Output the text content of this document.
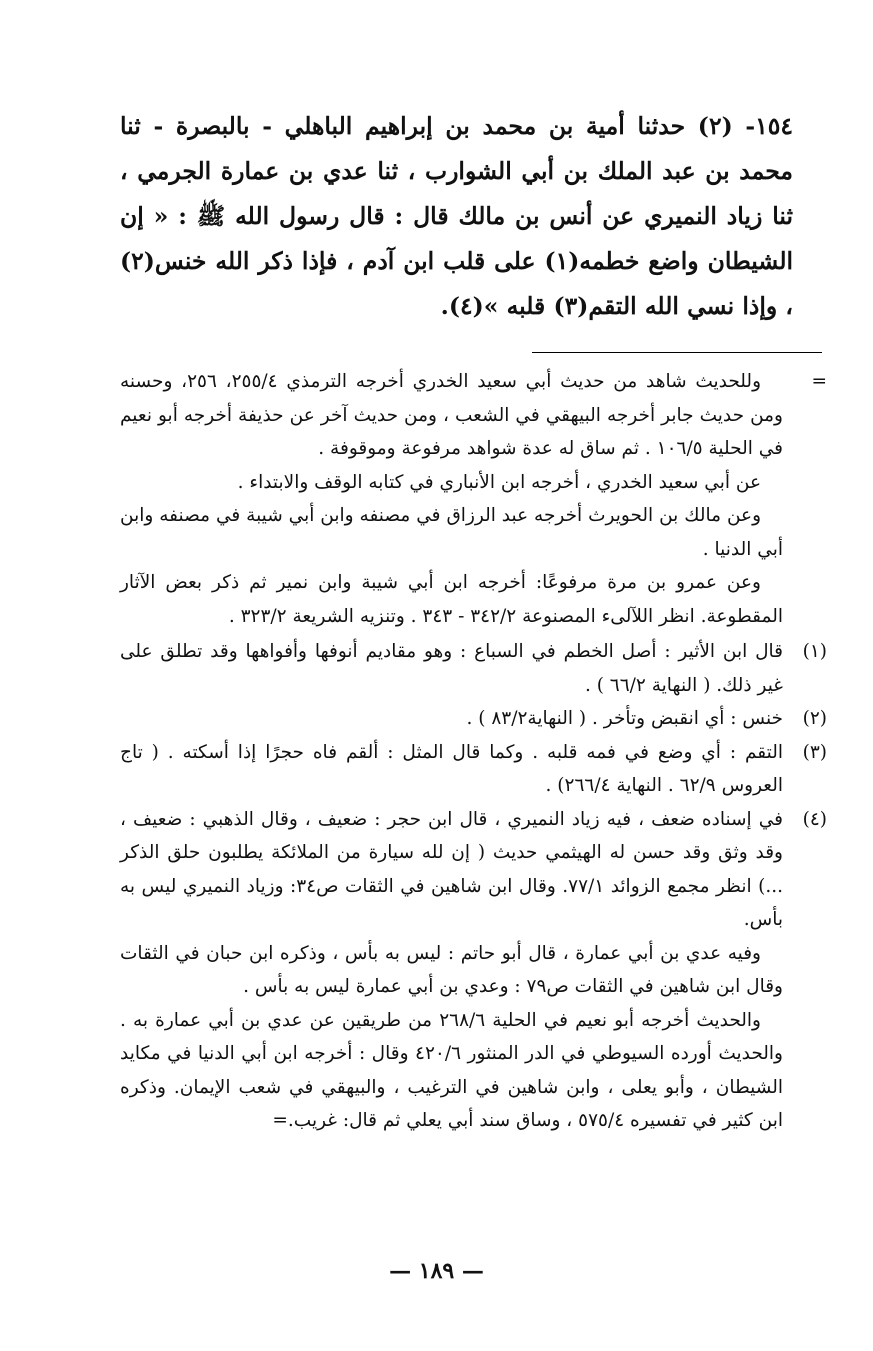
١٥٤- (٢) حدثنا أمية بن محمد بن إبراهيم الباهلي - بالبصرة - ثنا محمد بن عبد الملك بن أبي الشوارب ، ثنا عدي بن عمارة الجرمي ، ثنا زياد النميري عن أنس بن مالك قال : قال رسول الله ﷺ : « إن الشيطان واضع خطمه(١) على قلب ابن آدم ، فإذا ذكر الله خنس(٢) ، وإذا نسي الله التقم(٣) قلبه »(٤).

=

وللحديث شاهد من حديث أبي سعيد الخدري أخرجه الترمذي ٢٥٥/٤، ٢٥٦، وحسنه ومن حديث جابر أخرجه البيهقي في الشعب ، ومن حديث آخر عن حذيفة أخرجه أبو نعيم في الحلية ١٠٦/٥ . ثم ساق له عدة شواهد مرفوعة وموقوفة .

عن أبي سعيد الخدري ، أخرجه ابن الأنباري في كتابه الوقف والابتداء .

وعن مالك بن الحويرث أخرجه عبد الرزاق في مصنفه وابن أبي شيبة في مصنفه وابن أبي الدنيا .

وعن عمرو بن مرة مرفوعًا: أخرجه ابن أبي شيبة وابن نمير ثم ذكر بعض الآثار المقطوعة. انظر اللآلىء المصنوعة ٣٤٢/٢ - ٣٤٣ . وتنزيه الشريعة ٣٢٣/٢ .

(١)

قال ابن الأثير : أصل الخطم في السباع : وهو مقاديم أنوفها وأفواهها وقد تطلق على غير ذلك. ( النهاية ٦٦/٢ ) .

(٢)

خنس : أي انقبض وتأخر . ( النهاية٨٣/٢ ) .

(٣)

التقم : أي وضع في فمه قلبه . وكما قال المثل : ألقم فاه حجرًا إذا أسكته . ( تاج العروس ٦٢/٩ . النهاية ٢٦٦/٤) .

(٤)

في إسناده ضعف ، فيه زياد النميري ، قال ابن حجر : ضعيف ، وقال الذهبي : ضعيف ، وقد وثق وقد حسن له الهيثمي حديث ( إن لله سيارة من الملائكة يطلبون حلق الذكر ...) انظر مجمع الزوائد ٧٧/١. وقال ابن شاهين في الثقات ص٣٤: وزياد النميري ليس به بأس.

وفيه عدي بن أبي عمارة ، قال أبو حاتم : ليس به بأس ، وذكره ابن حبان في الثقات وقال ابن شاهين في الثقات ص٧٩ : وعدي بن أبي عمارة ليس به بأس .

والحديث أخرجه أبو نعيم في الحلية ٢٦٨/٦ من طريقين عن عدي بن أبي عمارة به . والحديث أورده السيوطي في الدر المنثور ٤٢٠/٦ وقال : أخرجه ابن أبي الدنيا في مكايد الشيطان ، وأبو يعلى ، وابن شاهين في الترغيب ، والبيهقي في شعب الإيمان. وذكره ابن كثير في تفسيره ٥٧٥/٤ ، وساق سند أبي يعلي ثم قال: غريب.=

— ١٨٩ —
